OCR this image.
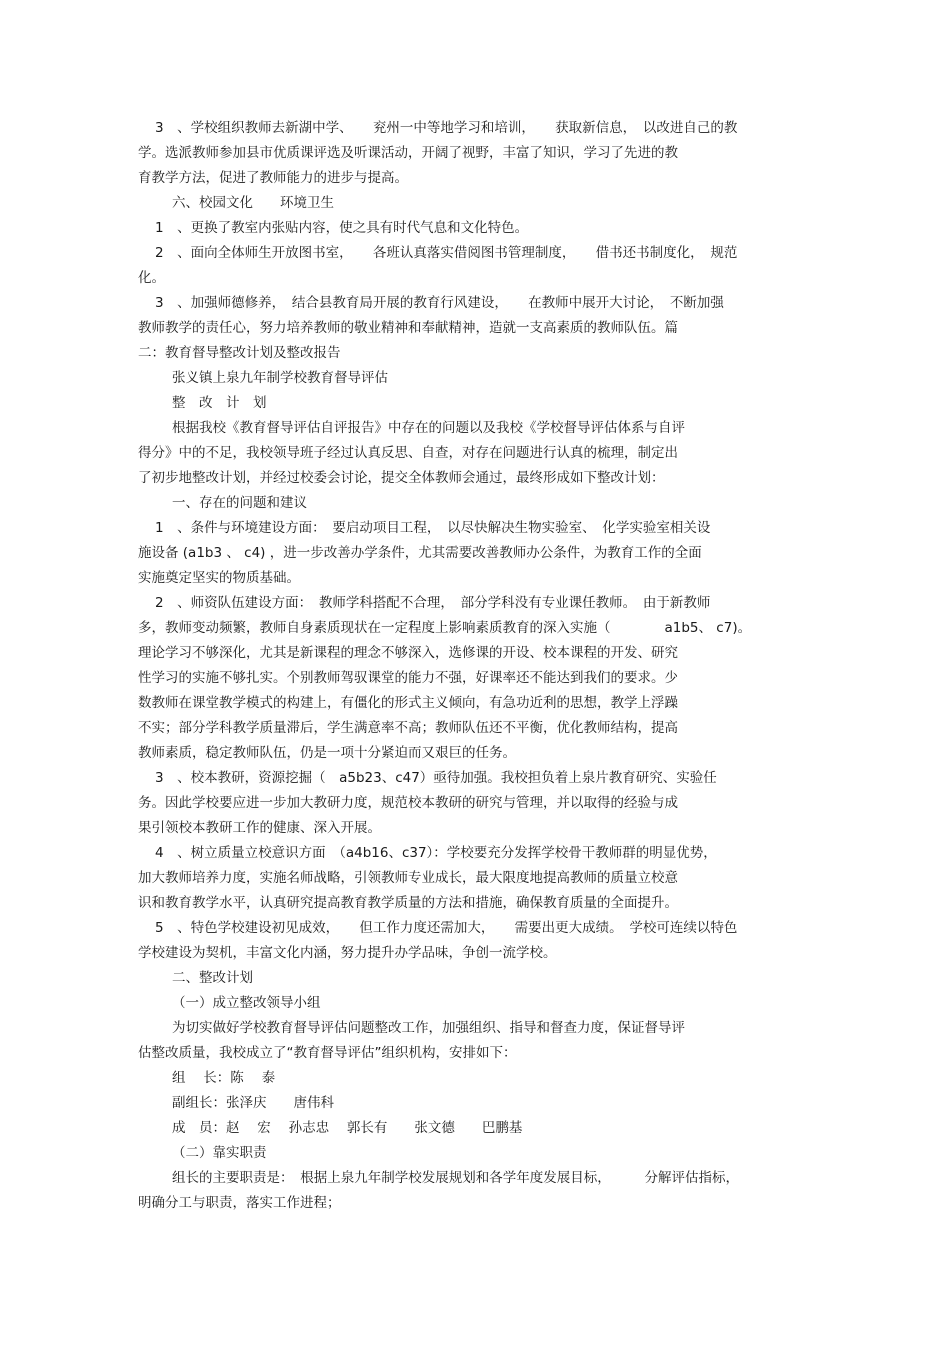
3　、学校组织教师去新湖中学、　　兖州一中等地学习和培训，　　获取新信息，　以改进自己的教

学。选派教师参加县市优质课评选及听课活动，开阔了视野，丰富了知识，学习了先进的教

育教学方法，促进了教师能力的进步与提高。

六、校园文化　　环境卫生

1　、更换了教室内张贴内容，使之具有时代气息和文化特色。

2　、面向全体师生开放图书室，　　各班认真落实借阅图书管理制度，　　借书还书制度化，　规范

化。

3　、加强师德修养，　结合县教育局开展的教育行风建设，　　在教师中展开大讨论，　不断加强

教师教学的责任心，努力培养教师的敬业精神和奉献精神，造就一支高素质的教师队伍。篇

二：教育督导整改计划及整改报告

张义镇上泉九年制学校教育督导评估

整　改　计　划

根据我校《教育督导评估自评报告》中存在的问题以及我校《学校督导评估体系与自评

得分》中的不足，我校领导班子经过认真反思、自查，对存在问题进行认真的梳理，制定出

了初步地整改计划，并经过校委会讨论，提交全体教师会通过，最终形成如下整改计划：

一、存在的问题和建议

1　、条件与环境建设方面：　要启动项目工程，　以尽快解决生物实验室、　化学实验室相关设

施设备 (a1b3 、 c4) ，进一步改善办学条件，尤其需要改善教师办公条件，为教育工作的全面

实施奠定坚实的物质基础。

2　、师资队伍建设方面：　教师学科搭配不合理，　部分学科没有专业课任教师。　由于新教师

多，教师变动频繁，教师自身素质现状在一定程度上影响素质教育的深入实施（　　　　a1b5、 c7)。

理论学习不够深化，尤其是新课程的理念不够深入，选修课的开设、校本课程的开发、研究

性学习的实施不够扎实。个别教师驾驭课堂的能力不强，好课率还不能达到我们的要求。少

数教师在课堂教学模式的构建上，有僵化的形式主义倾向，有急功近利的思想，教学上浮躁

不实；部分学科教学质量滞后，学生满意率不高；教师队伍还不平衡，优化教师结构，提高

教师素质，稳定教师队伍，仍是一项十分紧迫而又艰巨的任务。

3　、校本教研，资源挖掘（　a5b23、c47）亟待加强。我校担负着上泉片教育研究、实验任

务。因此学校要应进一步加大教研力度，规范校本教研的研究与管理，并以取得的经验与成

果引领校本教研工作的健康、深入开展。

4　、树立质量立校意识方面　（a4b16、c37）：学校要充分发挥学校骨干教师群的明显优势，

加大教师培养力度，实施名师战略，引领教师专业成长，最大限度地提高教师的质量立校意

识和教育教学水平，认真研究提高教育教学质量的方法和措施，确保教育质量的全面提升。

5　、特色学校建设初见成效，　　但工作力度还需加大，　　需要出更大成绩。　学校可连续以特色

学校建设为契机，丰富文化内涵，努力提升办学品味，争创一流学校。

二、整改计划

（一）成立整改领导小组

为切实做好学校教育督导评估问题整改工作，加强组织、指导和督查力度，保证督导评

估整改质量，我校成立了“教育督导评估”组织机构，安排如下：

组　 长：陈　 泰

副组长：张泽庆　　唐伟科

成　员：赵　 宏　 孙志忠　 郭长有　　张文德　　巴鹏基

（二）靠实职责

组长的主要职责是：　根据上泉九年制学校发展规划和各学年度发展目标，　　　分解评估指标，

明确分工与职责，落实工作进程；
